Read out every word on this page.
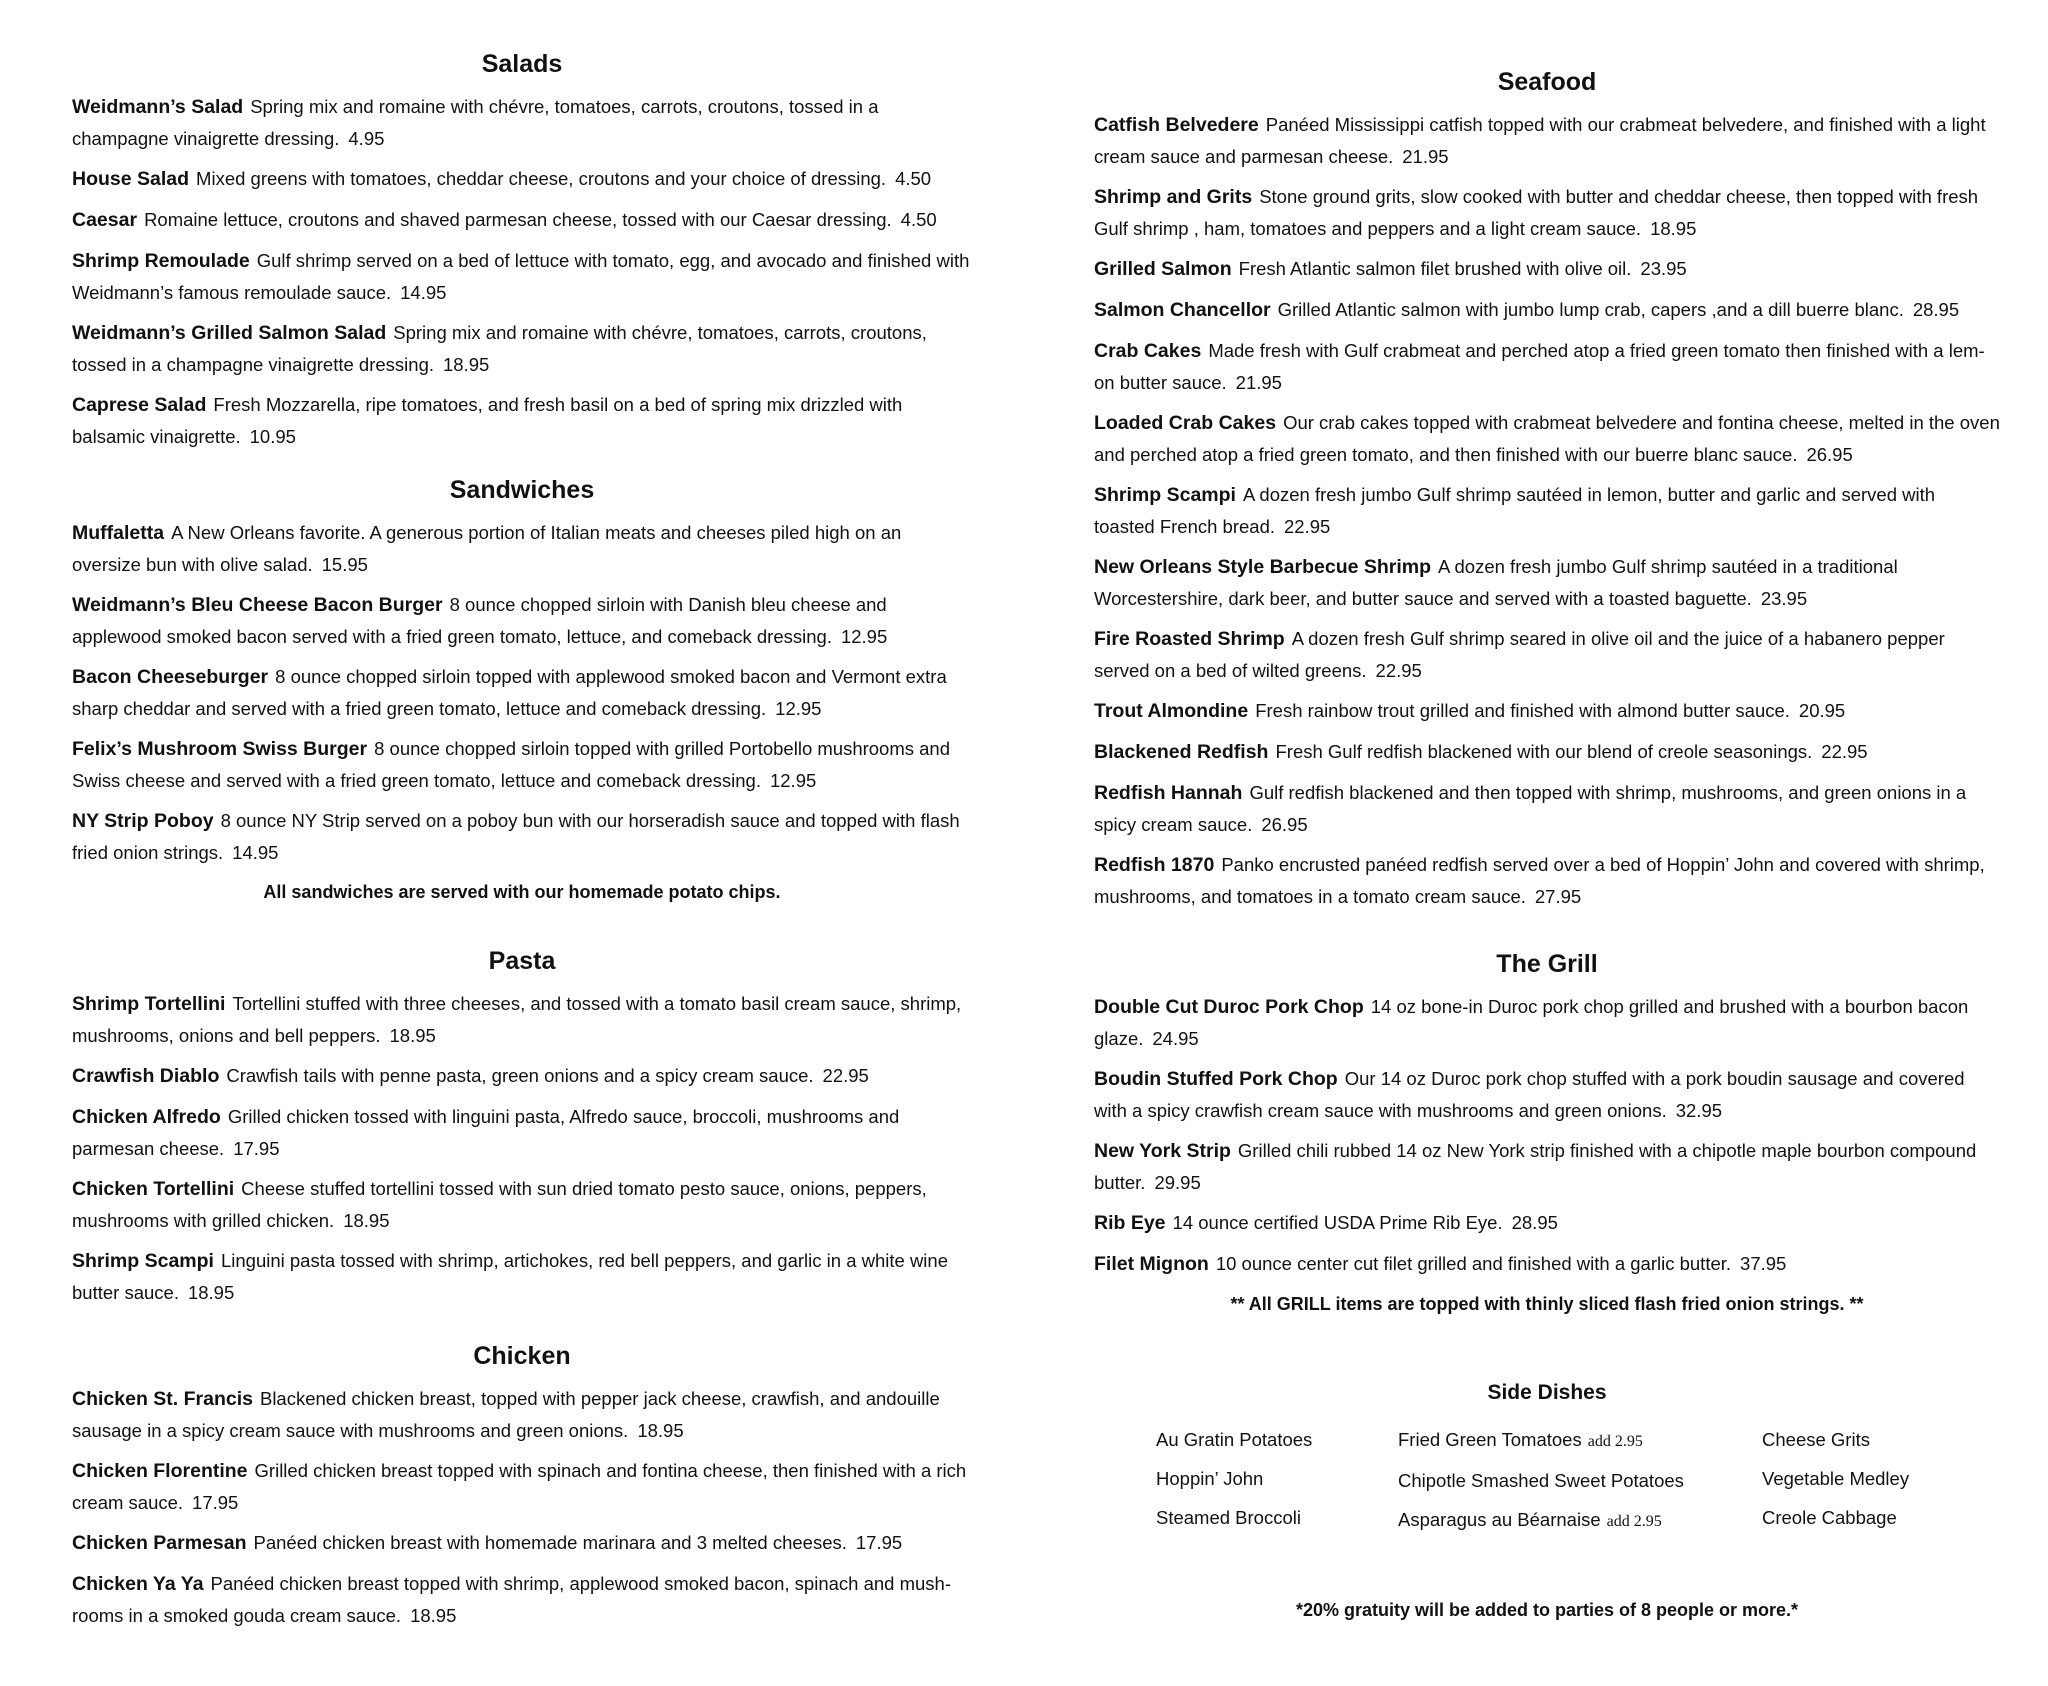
Salads
Weidmann’s Salad Spring mix and romaine with chévre, tomatoes, carrots, croutons, tossed in a champagne vinaigrette dressing. 4.95
House Salad Mixed greens with tomatoes, cheddar cheese, croutons and your choice of dressing. 4.50
Caesar Romaine lettuce, croutons and shaved parmesan cheese, tossed with our Caesar dressing. 4.50
Shrimp Remoulade Gulf shrimp served on a bed of lettuce with tomato, egg, and avocado and finished with Weidmann’s famous remoulade sauce. 14.95
Weidmann’s Grilled Salmon Salad Spring mix and romaine with chévre, tomatoes, carrots, croutons, tossed in a champagne vinaigrette dressing. 18.95
Caprese Salad Fresh Mozzarella, ripe tomatoes, and fresh basil on a bed of spring mix drizzled with balsamic vinaigrette. 10.95
Sandwiches
Muffaletta A New Orleans favorite. A generous portion of Italian meats and cheeses piled high on an oversize bun with olive salad. 15.95
Weidmann’s Bleu Cheese Bacon Burger 8 ounce chopped sirloin with Danish bleu cheese and applewood smoked bacon served with a fried green tomato, lettuce, and comeback dressing. 12.95
Bacon Cheeseburger 8 ounce chopped sirloin topped with applewood smoked bacon and Vermont extra sharp cheddar and served with a fried green tomato, lettuce and comeback dressing. 12.95
Felix’s Mushroom Swiss Burger 8 ounce chopped sirloin topped with grilled Portobello mushrooms and Swiss cheese and served with a fried green tomato, lettuce and comeback dressing. 12.95
NY Strip Poboy 8 ounce NY Strip served on a poboy bun with our horseradish sauce and topped with flash fried onion strings. 14.95
All sandwiches are served with our homemade potato chips.
Pasta
Shrimp Tortellini Tortellini stuffed with three cheeses, and tossed with a tomato basil cream sauce, shrimp, mushrooms, onions and bell peppers. 18.95
Crawfish Diablo Crawfish tails with penne pasta, green onions and a spicy cream sauce. 22.95
Chicken Alfredo Grilled chicken tossed with linguini pasta, Alfredo sauce, broccoli, mushrooms and parmesan cheese. 17.95
Chicken Tortellini Cheese stuffed tortellini tossed with sun dried tomato pesto sauce, onions, peppers, mushrooms with grilled chicken. 18.95
Shrimp Scampi Linguini pasta tossed with shrimp, artichokes, red bell peppers, and garlic in a white wine butter sauce. 18.95
Chicken
Chicken St. Francis Blackened chicken breast, topped with pepper jack cheese, crawfish, and andouille sausage in a spicy cream sauce with mushrooms and green onions. 18.95
Chicken Florentine Grilled chicken breast topped with spinach and fontina cheese, then finished with a rich cream sauce. 17.95
Chicken Parmesan Panéed chicken breast with homemade marinara and 3 melted cheeses. 17.95
Chicken Ya Ya Panéed chicken breast topped with shrimp, applewood smoked bacon, spinach and mush-rooms in a smoked gouda cream sauce. 18.95
Seafood
Catfish Belvedere Panéed Mississippi catfish topped with our crabmeat belvedere, and finished with a light cream sauce and parmesan cheese. 21.95
Shrimp and Grits Stone ground grits, slow cooked with butter and cheddar cheese, then topped with fresh Gulf shrimp , ham, tomatoes and peppers and a light cream sauce. 18.95
Grilled Salmon Fresh Atlantic salmon filet brushed with olive oil. 23.95
Salmon Chancellor Grilled Atlantic salmon with jumbo lump crab, capers ,and a dill buerre blanc. 28.95
Crab Cakes Made fresh with Gulf crabmeat and perched atop a fried green tomato then finished with a lem-on butter sauce. 21.95
Loaded Crab Cakes Our crab cakes topped with crabmeat belvedere and fontina cheese, melted in the oven and perched atop a fried green tomato, and then finished with our buerre blanc sauce. 26.95
Shrimp Scampi A dozen fresh jumbo Gulf shrimp sautéed in lemon, butter and garlic and served with toasted French bread. 22.95
New Orleans Style Barbecue Shrimp A dozen fresh jumbo Gulf shrimp sautéed in a traditional Worcestershire, dark beer, and butter sauce and served with a toasted baguette. 23.95
Fire Roasted Shrimp A dozen fresh Gulf shrimp seared in olive oil and the juice of a habanero pepper served on a bed of wilted greens. 22.95
Trout Almondine Fresh rainbow trout grilled and finished with almond butter sauce. 20.95
Blackened Redfish Fresh Gulf redfish blackened with our blend of creole seasonings. 22.95
Redfish Hannah Gulf redfish blackened and then topped with shrimp, mushrooms, and green onions in a spicy cream sauce. 26.95
Redfish 1870 Panko encrusted panéed redfish served over a bed of Hoppin’ John and covered with shrimp, mushrooms, and tomatoes in a tomato cream sauce. 27.95
The Grill
Double Cut Duroc Pork Chop 14 oz bone-in Duroc pork chop grilled and brushed with a bourbon bacon glaze. 24.95
Boudin Stuffed Pork Chop Our 14 oz Duroc pork chop stuffed with a pork boudin sausage and covered with a spicy crawfish cream sauce with mushrooms and green onions. 32.95
New York Strip Grilled chili rubbed 14 oz New York strip finished with a chipotle maple bourbon compound butter. 29.95
Rib Eye 14 ounce certified USDA Prime Rib Eye. 28.95
Filet Mignon 10 ounce center cut filet grilled and finished with a garlic butter. 37.95
** All GRILL items are topped with thinly sliced flash fried onion strings. **
Side Dishes
Au Gratin Potatoes
Hoppin’ John
Steamed Broccoli
Fried Green Tomatoes add 2.95
Chipotle Smashed Sweet Potatoes
Asparagus au Béarnaise add 2.95
Cheese Grits
Vegetable Medley
Creole Cabbage
*20% gratuity will be added to parties of 8 people or more.*
